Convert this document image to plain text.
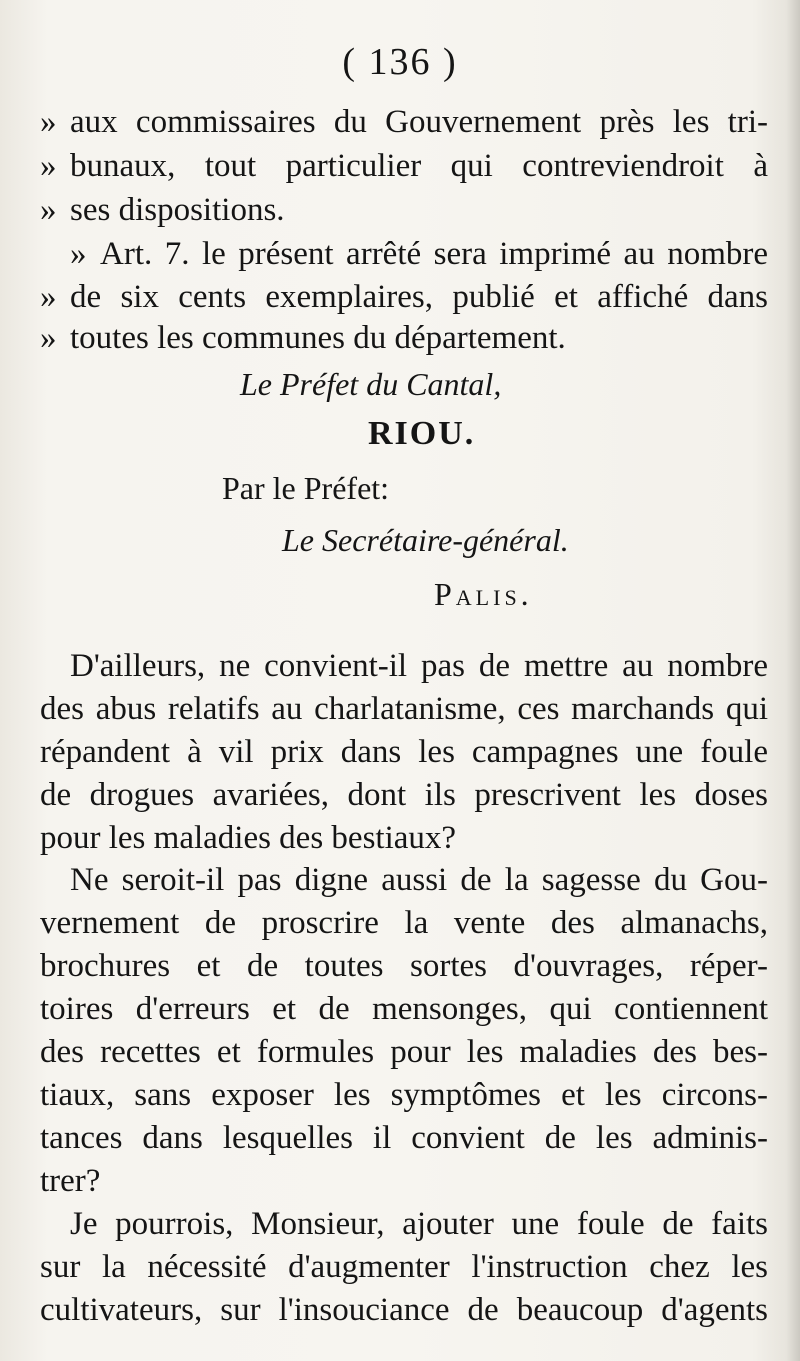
( 136 )
» aux commissaires du Gouvernement près les tri-
» bunaux, tout particulier qui contreviendroit à
» ses dispositions.
» Art. 7. le présent arrêté sera imprimé au nombre
» de six cents exemplaires, publié et affiché dans
» toutes les communes du département.
Le Préfet du Cantal,
RIOU.
Par le Préfet:
Le Secrétaire-général.
Palis.
D'ailleurs, ne convient-il pas de mettre au nombre
des abus relatifs au charlatanisme, ces marchands qui
répandent à vil prix dans les campagnes une foule
de drogues avariées, dont ils prescrivent les doses
pour les maladies des bestiaux?
Ne seroit-il pas digne aussi de la sagesse du Gou-
vernement de proscrire la vente des almanachs,
brochures et de toutes sortes d'ouvrages, réper-
toires d'erreurs et de mensonges, qui contiennent
des recettes et formules pour les maladies des bes-
tiaux, sans exposer les symptômes et les circons-
tances dans lesquelles il convient de les adminis-
trer?
Je pourrois, Monsieur, ajouter une foule de faits
sur la nécessité d'augmenter l'instruction chez les
cultivateurs, sur l'insouciance de beaucoup d'agents
